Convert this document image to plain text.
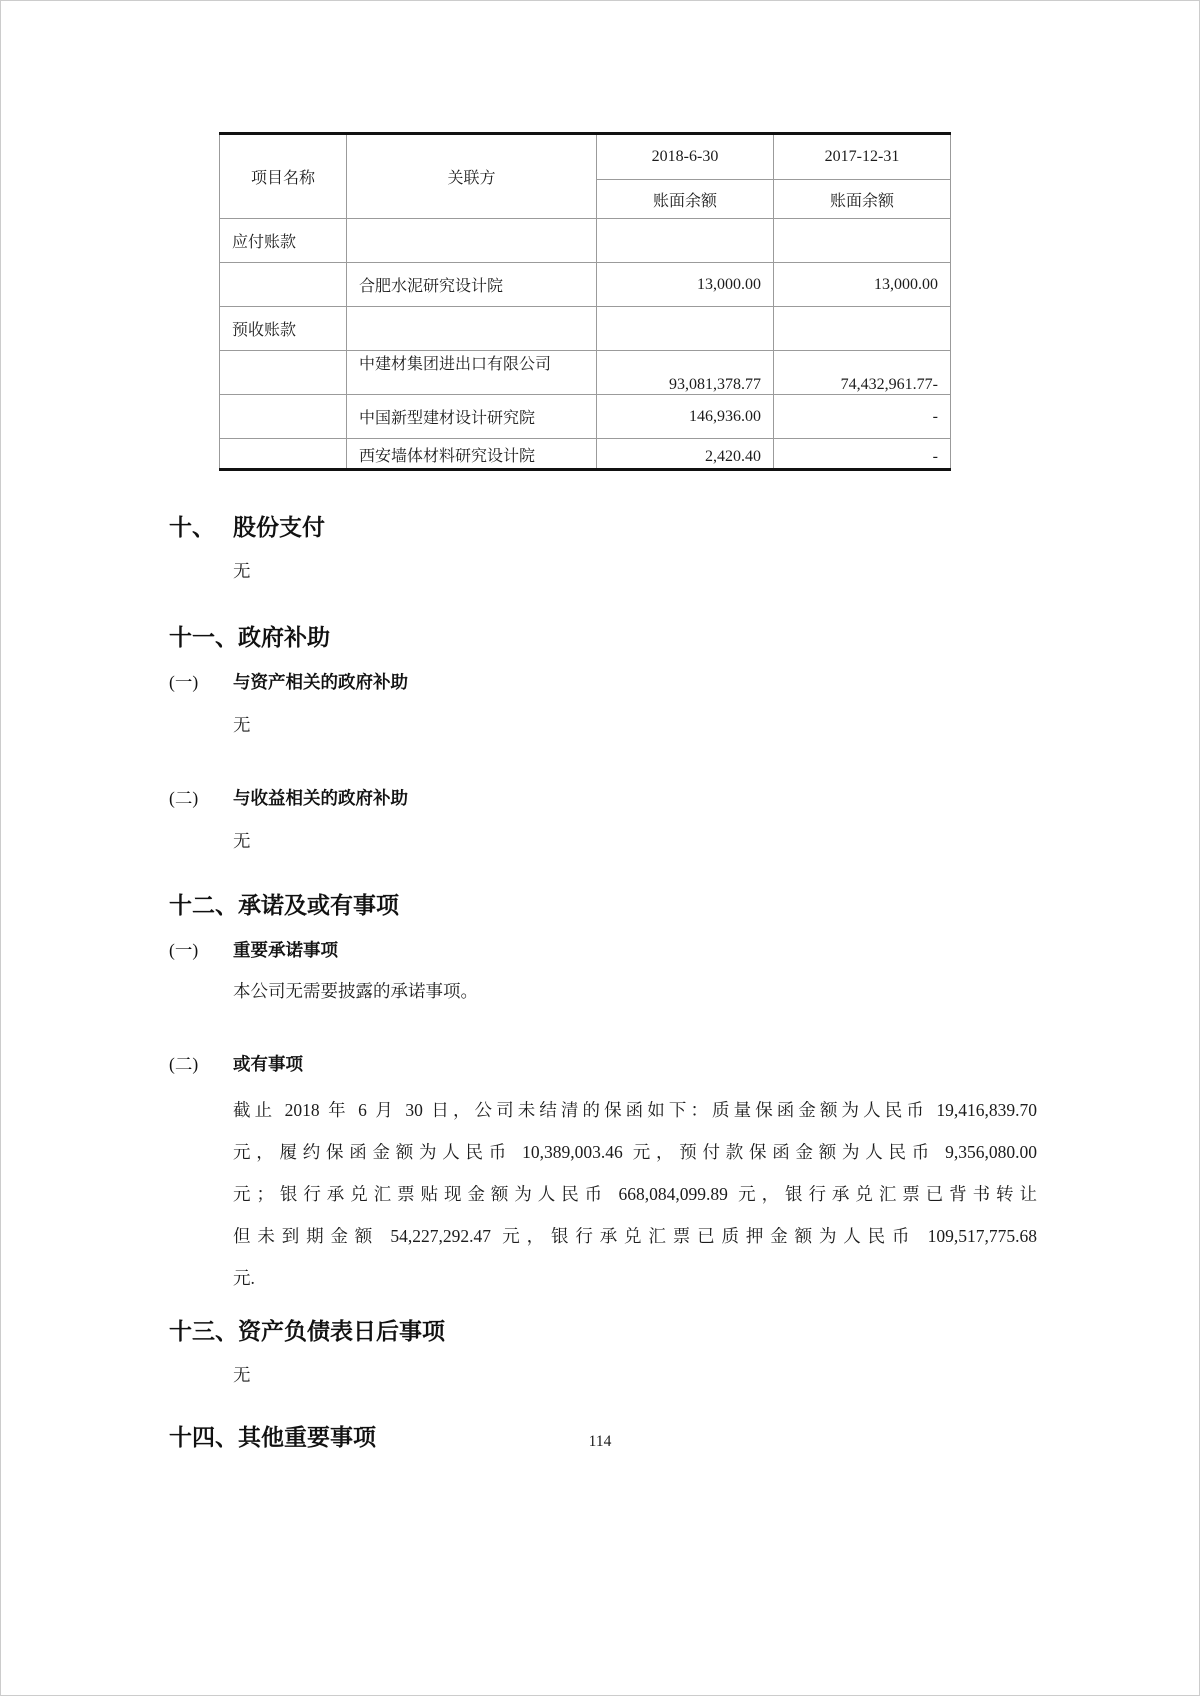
项目名称	关联方	2018-6-30	2017-12-31
		账面余额	账面余额
应付账款			
	合肥水泥研究设计院	13,000.00	13,000.00
预收账款			
	中建材集团进出口有限公司	93,081,378.77	74,432,961.77-
	中国新型建材设计研究院	146,936.00	-
	西安墙体材料研究设计院	2,420.40	-
十、 股份支付
无
十一、 政府补助
(一)	与资产相关的政府补助
无
(二)	与收益相关的政府补助
无
十二、 承诺及或有事项
(一)	重要承诺事项
本公司无需要披露的承诺事项。
(二)	或有事项
截止 2018 年 6 月 30 日，公司未结清的保函如下：质量保函金额为人民币 19,416,839.70
元，履约保函金额为人民币 10,389,003.46 元，预付款保函金额为人民币 9,356,080.00
元；银行承兑汇票贴现金额为人民币 668,084,099.89 元，银行承兑汇票已背书转让
但未到期金额 54,227,292.47 元，银行承兑汇票已质押金额为人民币 109,517,775.68
元.
十三、 资产负债表日后事项
无
十四、 其他重要事项	114
